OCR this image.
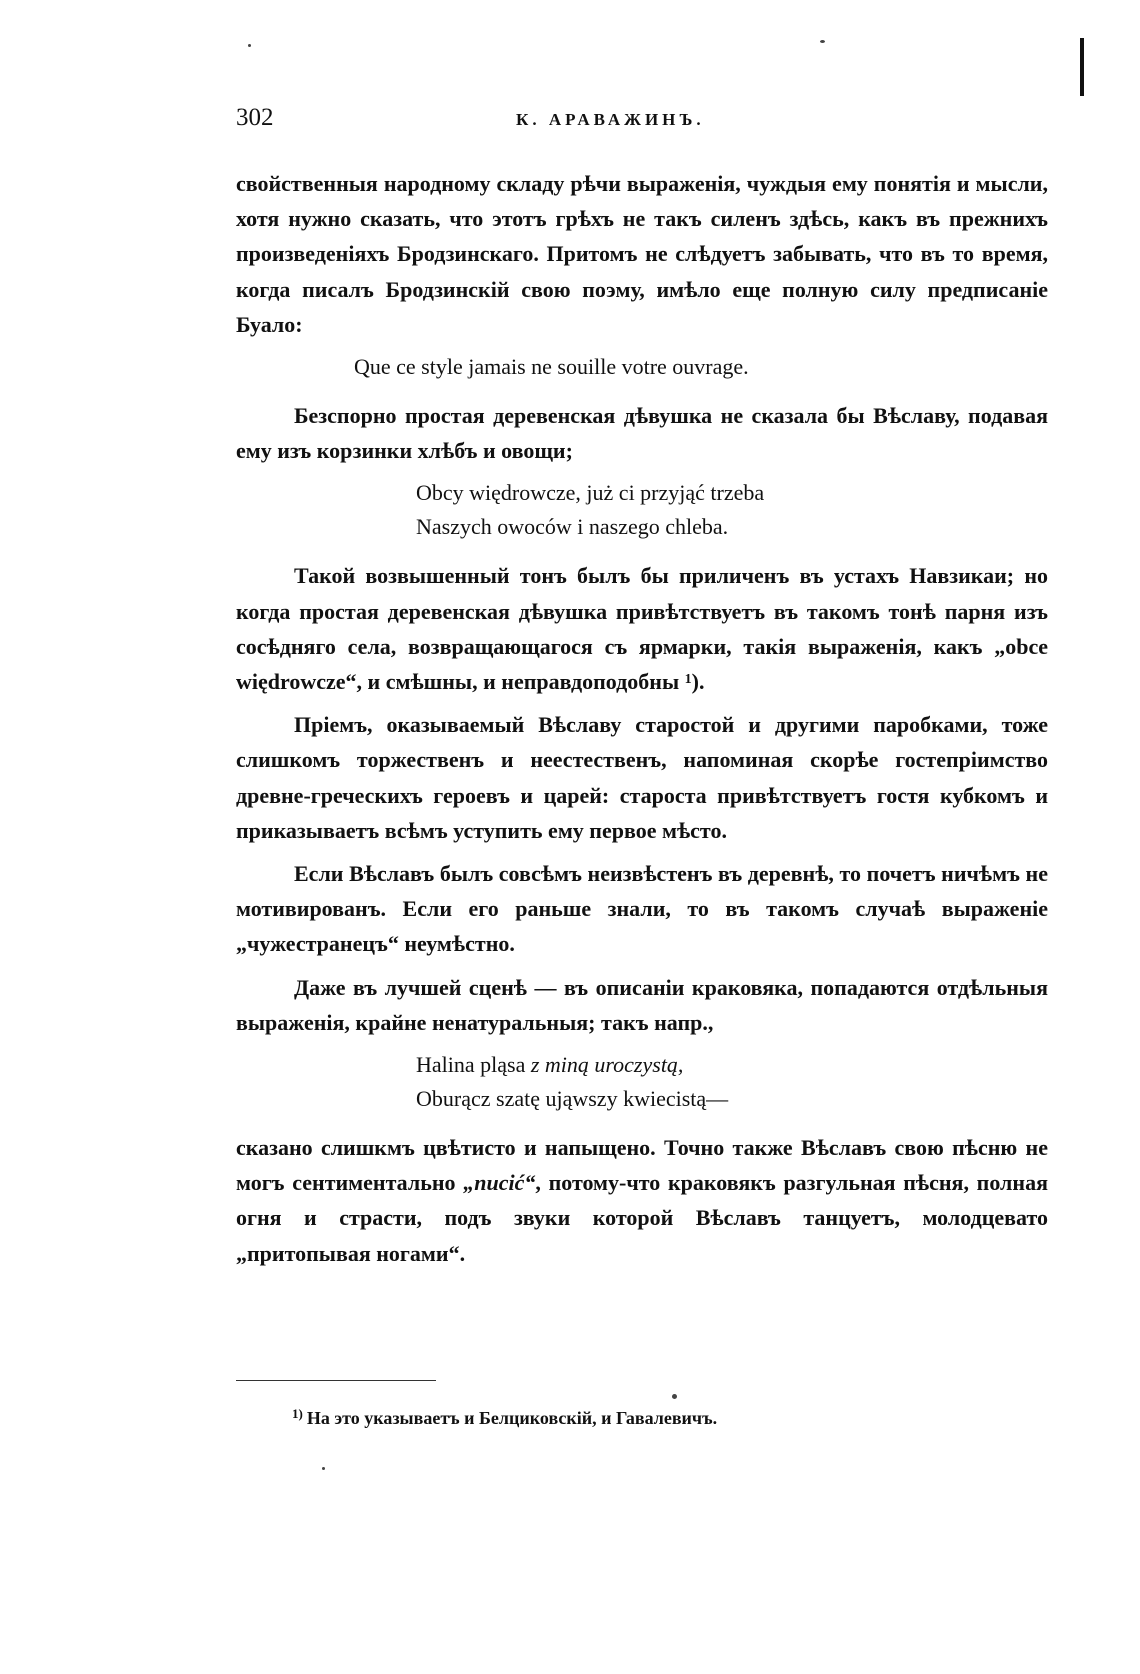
302	К. АРАВАЖИНЪ.

свойственныя народному складу рѣчи выраженія, чуждыя ему понятія и мысли, хотя нужно сказать, что этотъ грѣхъ не такъ силенъ здѣсь, какъ въ прежнихъ произведеніяхъ Бродзинскаго. Притомъ не слѣдуетъ забывать, что въ то время, когда писалъ Бродзинскій свою поэму, имѣло еще полную силу предписаніе Буало:

Que ce style jamais ne souille votre ouvrage.

Безспорно простая деревенская дѣвушка не сказала бы Вѣславу, подавая ему изъ корзинки хлѣбъ и овощи;

Obcy więdrowcze, już ci przyjąć trzeba
Naszych owoców i naszego chleba.

Такой возвышенный тонъ былъ бы приличенъ въ устахъ Навзикаи; но когда простая деревенская дѣвушка привѣтствуетъ въ такомъ тонѣ парня изъ сосѣдняго села, возвращающагося съ ярмарки, такія выраженія, какъ „obce więdrowcze“, и смѣшны, и неправдоподобны $^1$).

Пріемъ, оказываемый Вѣславу старостой и другими паробками, тоже слишкомъ торжественъ и неестественъ, напоминая скорѣе гостепріимство древне-греческихъ героевъ и царей: староста привѣтствуетъ гостя кубкомъ и приказываетъ всѣмъ уступить ему первое мѣсто.

Если Вѣславъ былъ совсѣмъ неизвѣстенъ въ деревнѣ, то почетъ ничѣмъ не мотивированъ. Если его раньше знали, то въ такомъ случаѣ выраженіе „чужестранецъ“ неумѣстно.

Даже въ лучшей сценѣ — въ описаніи краковяка, попадаются отдѣльныя выраженія, крайне ненатуральныя; такъ напр.,

Halina pląsa z miną uroczystą,
Oburącz szatę ująwszy kwiecistą—

сказано слишкмъ цвѣтисто и напыщено. Точно также Вѣславъ свою пѣсню не могъ сентиментально „nucić“, потому-что краковякъ разгульная пѣсня, полная огня и страсти, подъ звуки которой Вѣславъ танцуетъ, молодцевато „притопывая ногами“.

$^{1)}$ На это указываетъ и Белциковскій, и Гавалевичъ.
